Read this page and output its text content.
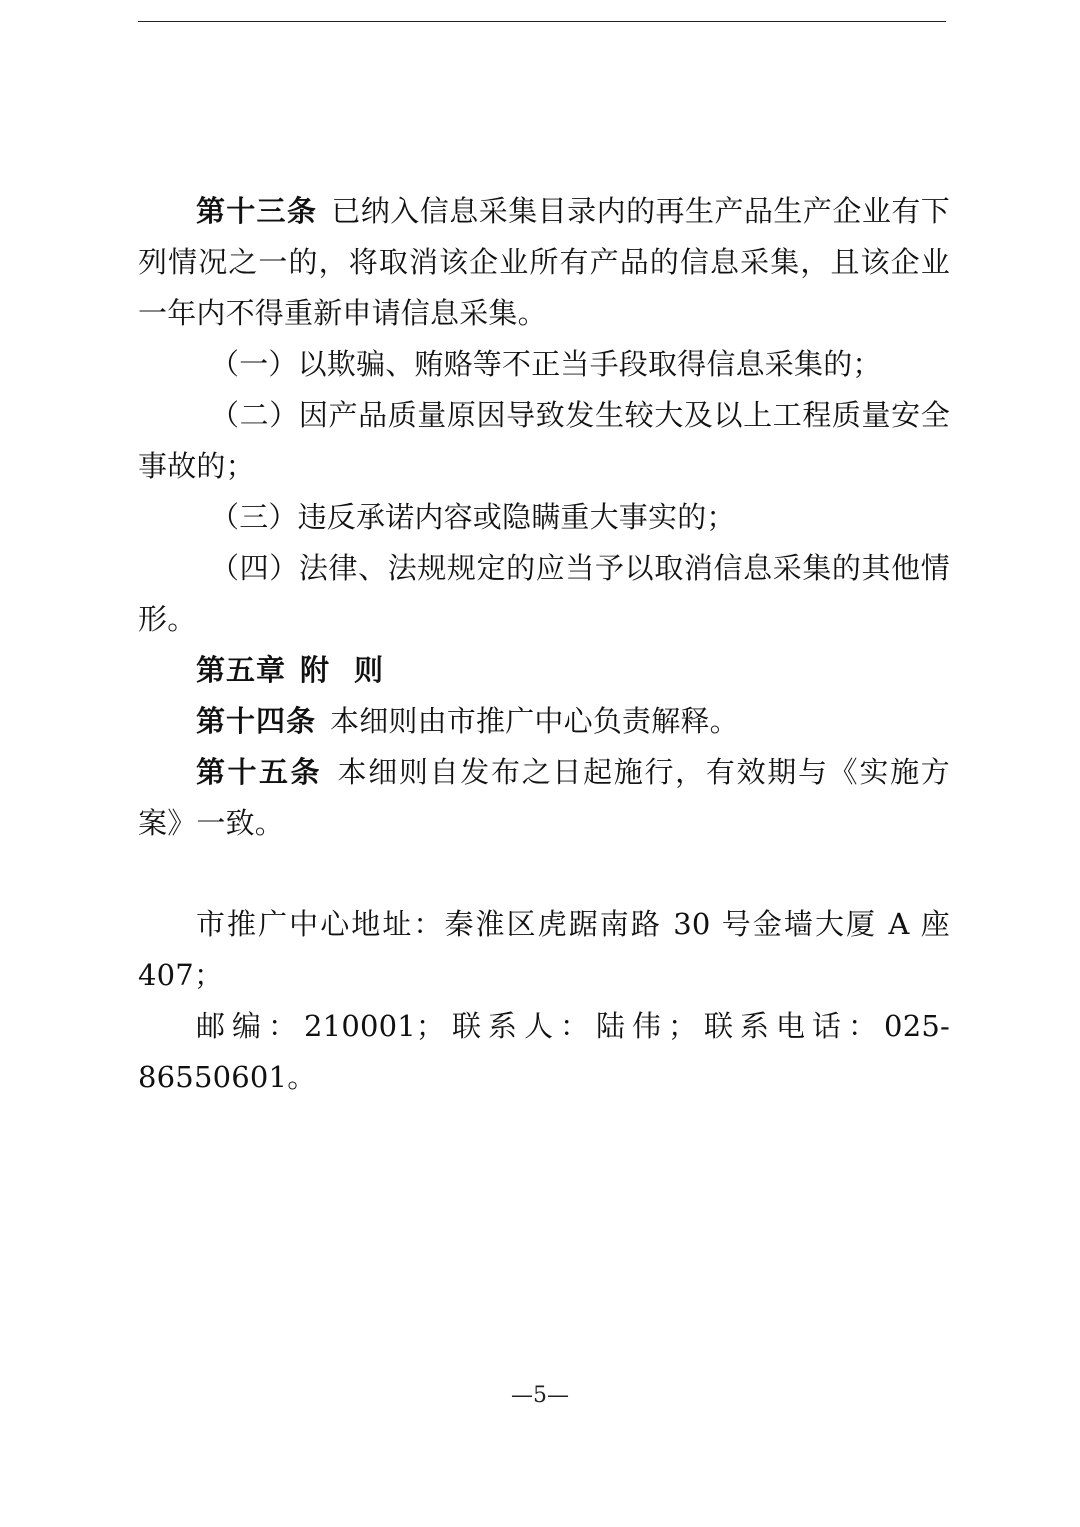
第十三条 已纳入信息采集目录内的再生产品生产企业有下列情况之一的，将取消该企业所有产品的信息采集，且该企业一年内不得重新申请信息采集。

（一）以欺骗、贿赂等不正当手段取得信息采集的；

（二）因产品质量原因导致发生较大及以上工程质量安全事故的；

（三）违反承诺内容或隐瞒重大事实的；

（四）法律、法规规定的应当予以取消信息采集的其他情形。

第五章 附 则

第十四条 本细则由市推广中心负责解释。

第十五条 本细则自发布之日起施行，有效期与《实施方案》一致。

市推广中心地址：秦淮区虎踞南路 30 号金墙大厦 A 座 407；

邮编：210001；联系人：陆伟；联系电话：025-86550601。

—5—
